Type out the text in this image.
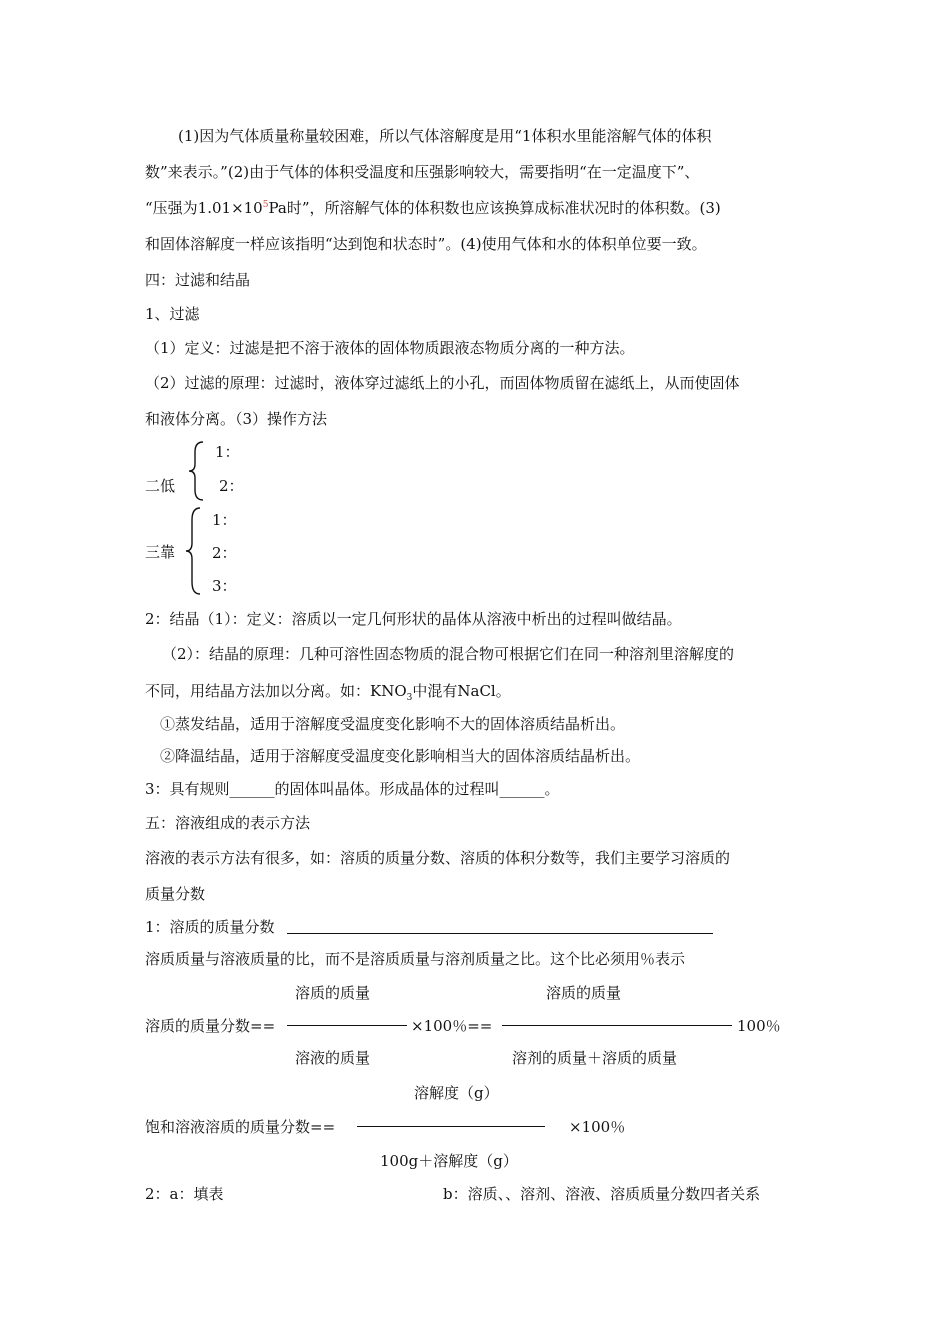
(1)因为气体质量称量较困难，所以气体溶解度是用“1体积水里能溶解气体的体积
数”来表示。”(2)由于气体的体积受温度和压强影响较大，需要指明“在一定温度下”、
“压强为$1.01\times 10^5Pa$时”，所溶解气体的体积数也应该换算成标准状况时的体积数。(3)
和固体溶解度一样应该指明“达到饱和状态时”。(4)使用气体和水的体积单位要一致。
四：过滤和结晶
1、过滤
（1）定义：过滤是把不溶于液体的固体物质跟液态物质分离的一种方法。
（2）过滤的原理：过滤时，液体穿过滤纸上的小孔，而固体物质留在滤纸上，从而使固体
和液体分离。（3）操作方法
二低
1：
2：
三靠
1：
2：
3：
2：结晶（1）：定义：溶质以一定几何形状的晶体从溶液中析出的过程叫做结晶。
（2）：结晶的原理：几种可溶性固态物质的混合物可根据它们在同一种溶剂里溶解度的
不同，用结晶方法加以分离。如：$KNO_3$中混有NaCl。
①蒸发结晶，适用于溶解度受温度变化影响不大的固体溶质结晶析出。
②降温结晶，适用于溶解度受温度变化影响相当大的固体溶质结晶析出。
3：具有规则______的固体叫晶体。形成晶体的过程叫______。
五：溶液组成的表示方法
溶液的表示方法有很多，如：溶质的质量分数、溶质的体积分数等，我们主要学习溶质的
质量分数
1：溶质的质量分数
溶质质量与溶液质量的比，而不是溶质质量与溶剂质量之比。这个比必须用％表示
溶质的质量	溶质的质量
溶质的质量分数==	×100％==	100％
溶液的质量	溶剂的质量＋溶质的质量
溶解度（g）
饱和溶液溶质的质量分数==	×100％
100g＋溶解度（g）
2：a：填表	b：溶质、、溶剂、溶液、溶质质量分数四者关系
